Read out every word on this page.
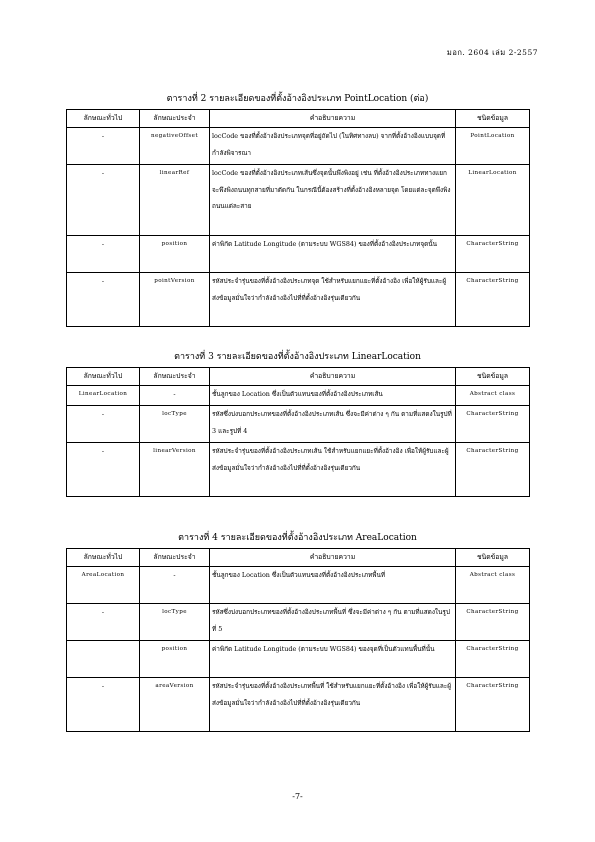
มอก. 2604 เล่ม 2-2557
ตารางที่ 2 รายละเอียดของที่ตั้งอ้างอิงประเภท PointLocation (ต่อ)
ลักษณะทั่วไป	ลักษณะประจำ	คำอธิบายความ	ชนิดข้อมูล
-	negativeOffset	locCode ของที่ตั้งอ้างอิงประเภทจุดที่อยู่ถัดไป (ในทิศทางลบ) จากที่ตั้งอ้างอิงแบบจุดที่กำลังพิจารณา	PointLocation
-	linearRef	locCode ของที่ตั้งอ้างอิงประเภทเส้นซึ่งจุดนั้นพึงพิงอยู่ เช่น ที่ตั้งอ้างอิงประเภททางแยกจะพึงพิงถนนทุกสายที่มาตัดกัน ในกรณีนี้ต้องสร้างที่ตั้งอ้างอิงหลายจุด โดยแต่ละจุดพึงพิงถนนแต่ละสาย	LinearLocation
-	position	ค่าพิกัด Latitude Longitude (ตามระบบ WGS84) ของที่ตั้งอ้างอิงประเภทจุดนั้น	CharacterString
-	pointVersion	รหัสประจำรุ่นของที่ตั้งอ้างอิงประเภทจุด ใช้สำหรับแยกแยะที่ตั้งอ้างอิง เพื่อให้ผู้รับและผู้ส่งข้อมูลมั่นใจว่ากำลังอ้างอิงไปที่ที่ตั้งอ้างอิงรุ่นเดียวกัน	CharacterString
ตารางที่ 3 รายละเอียดของที่ตั้งอ้างอิงประเภท LinearLocation
ลักษณะทั่วไป	ลักษณะประจำ	คำอธิบายความ	ชนิดข้อมูล
LinearLocation	-	ชั้นลูกของ Location ซึ่งเป็นตัวแทนของที่ตั้งอ้างอิงประเภทเส้น	Abstract class
-	locType	รหัสซึ่งบ่งบอกประเภทของที่ตั้งอ้างอิงประเภทเส้น ซึ่งจะมีค่าต่าง ๆ กัน ตามที่แสดงในรูปที่ 3 และรูปที่ 4	CharacterString
-	linearVersion	รหัสประจำรุ่นของที่ตั้งอ้างอิงประเภทเส้น ใช้สำหรับแยกแยะที่ตั้งอ้างอิง เพื่อให้ผู้รับและผู้ส่งข้อมูลมั่นใจว่ากำลังอ้างอิงไปที่ที่ตั้งอ้างอิงรุ่นเดียวกัน	CharacterString
ตารางที่ 4 รายละเอียดของที่ตั้งอ้างอิงประเภท AreaLocation
ลักษณะทั่วไป	ลักษณะประจำ	คำอธิบายความ	ชนิดข้อมูล
AreaLocation	-	ชั้นลูกของ Location ซึ่งเป็นตัวแทนของที่ตั้งอ้างอิงประเภทพื้นที่	Abstract class
-	locType	รหัสซึ่งบ่งบอกประเภทของที่ตั้งอ้างอิงประเภทพื้นที่ ซึ่งจะมีค่าต่าง ๆ กัน ตามที่แสดงในรูปที่ 5	CharacterString
	position	ค่าพิกัด Latitude Longitude (ตามระบบ WGS84) ของจุดที่เป็นตัวแทนพื้นที่นั้น	CharacterString
-	areaVersion	รหัสประจำรุ่นของที่ตั้งอ้างอิงประเภทพื้นที่ ใช้สำหรับแยกแยะที่ตั้งอ้างอิง เพื่อให้ผู้รับและผู้ส่งข้อมูลมั่นใจว่ากำลังอ้างอิงไปที่ที่ตั้งอ้างอิงรุ่นเดียวกัน	CharacterString
-7-
